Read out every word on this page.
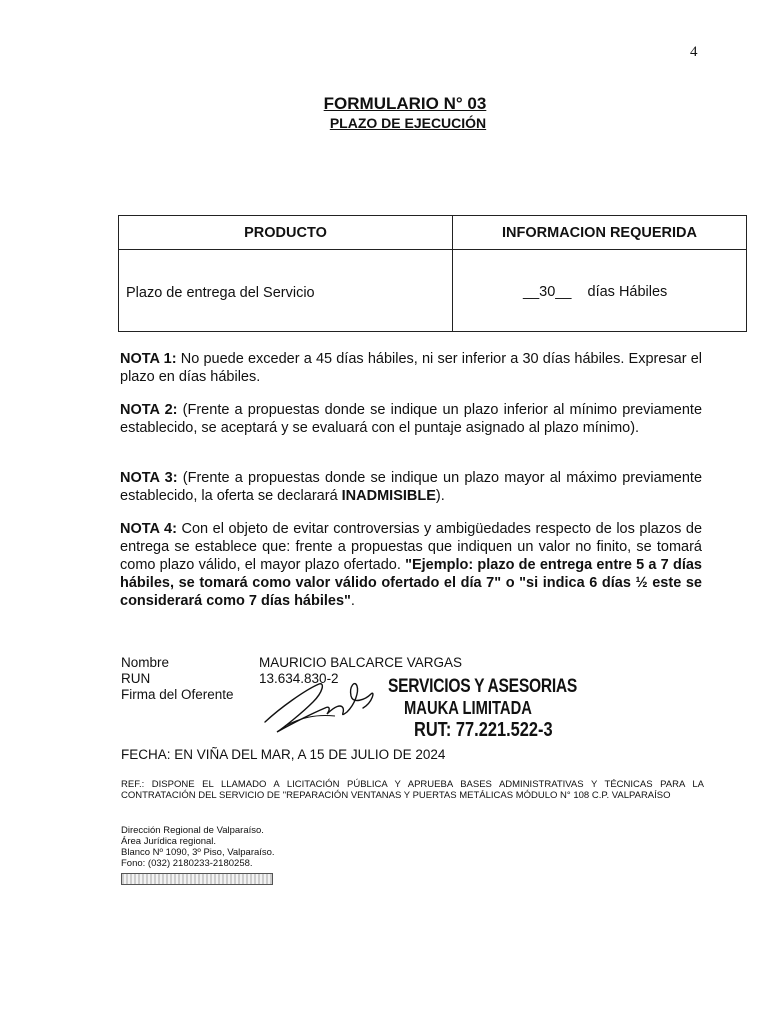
4
FORMULARIO N° 03
PLAZO DE EJECUCIÓN
PRODUCTO	INFORMACION REQUERIDA
Plazo de entrega del Servicio	__30__ días Hábiles
NOTA 1: No puede exceder a 45 días hábiles, ni ser inferior a 30 días hábiles. Expresar el plazo en días hábiles.
NOTA 2: (Frente a propuestas donde se indique un plazo inferior al mínimo previamente establecido, se aceptará y se evaluará con el puntaje asignado al plazo mínimo).
NOTA 3: (Frente a propuestas donde se indique un plazo mayor al máximo previamente establecido, la oferta se declarará INADMISIBLE).
NOTA 4: Con el objeto de evitar controversias y ambigüedades respecto de los plazos de entrega se establece que: frente a propuestas que indiquen un valor no finito, se tomará como plazo válido, el mayor plazo ofertado. "Ejemplo: plazo de entrega entre 5 a 7 días hábiles, se tomará como valor válido ofertado el día 7" o "si indica 6 días ½ este se considerará como 7 días hábiles".
Nombre	MAURICIO BALCARCE VARGAS
RUN	13.634.830-2
Firma del Oferente	SERVICIOS Y ASESORIAS
MAUKA LIMITADA
RUT: 77.221.522-3
FECHA: EN VIÑA DEL MAR, A 15 DE JULIO DE 2024
REF.: DISPONE EL LLAMADO A LICITACIÓN PÚBLICA Y APRUEBA BASES ADMINISTRATIVAS Y TÉCNICAS PARA LA CONTRATACIÓN DEL SERVICIO DE "REPARACIÓN VENTANAS Y PUERTAS METÁLICAS MÓDULO N° 108 C.P. VALPARAÍSO
Dirección Regional de Valparaíso.
Área Jurídica regional.
Blanco Nº 1090, 3º Piso, Valparaíso.
Fono: (032) 2180233-2180258.
